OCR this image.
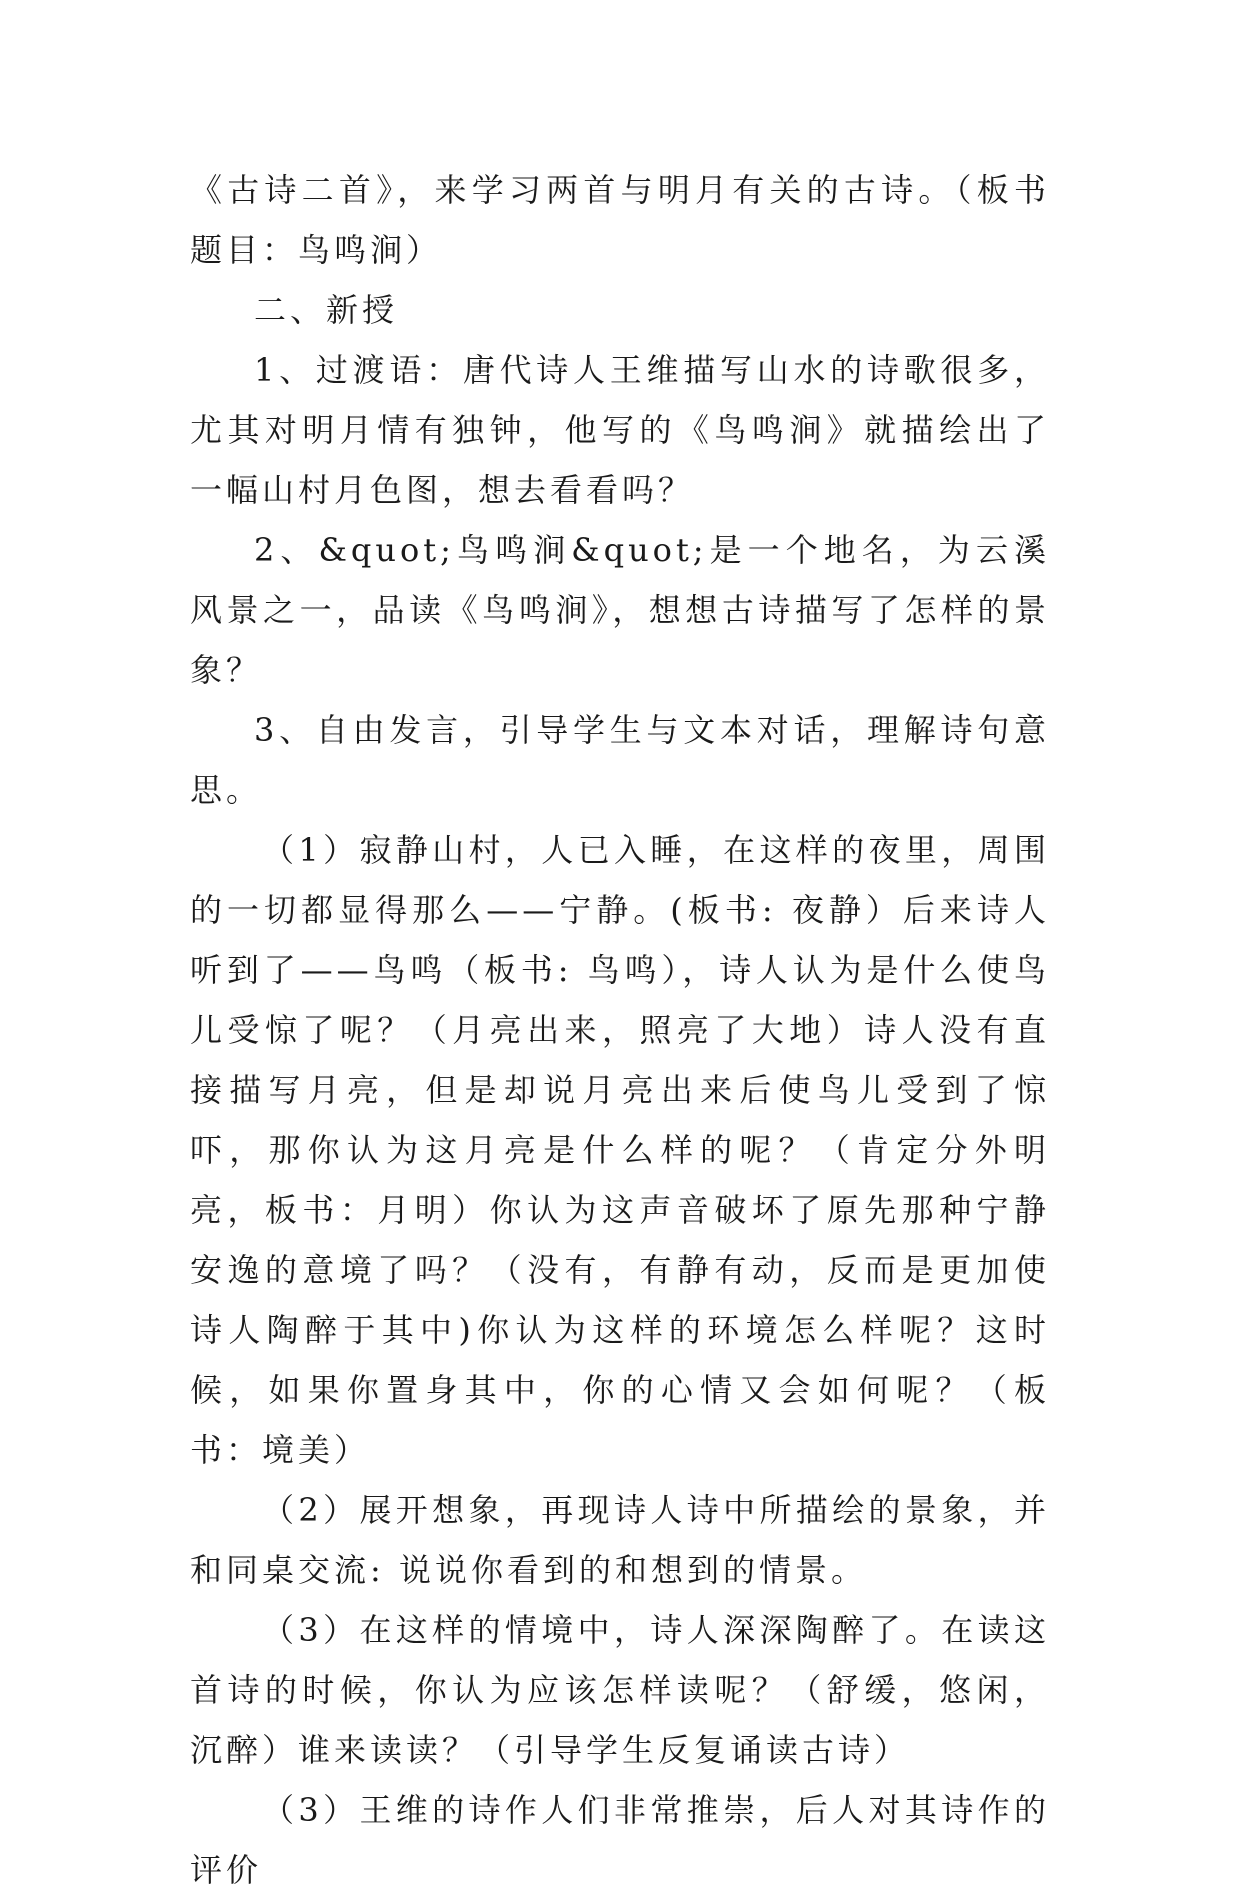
《古诗二首》，来学习两首与明月有关的古诗。（板书题目：鸟鸣涧）

二、新授

1、过渡语：唐代诗人王维描写山水的诗歌很多，尤其对明月情有独钟，他写的《鸟鸣涧》就描绘出了一幅山村月色图，想去看看吗？

2、&quot;鸟鸣涧&quot;是一个地名，为云溪风景之一，品读《鸟鸣涧》，想想古诗描写了怎样的景象？

3、自由发言，引导学生与文本对话，理解诗句意思。

（1）寂静山村，人已入睡，在这样的夜里，周围的一切都显得那么——宁静。(板书: 夜静）后来诗人听到了——鸟鸣（板书: 鸟鸣），诗人认为是什么使鸟儿受惊了呢？（月亮出来，照亮了大地）诗人没有直接描写月亮，但是却说月亮出来后使鸟儿受到了惊吓，那你认为这月亮是什么样的呢？（肯定分外明亮，板书：月明）你认为这声音破坏了原先那种宁静安逸的意境了吗？（没有，有静有动，反而是更加使诗人陶醉于其中)你认为这样的环境怎么样呢？这时候，如果你置身其中，你的心情又会如何呢？（板书：境美）

（2）展开想象，再现诗人诗中所描绘的景象，并和同桌交流: 说说你看到的和想到的情景。

（3）在这样的情境中，诗人深深陶醉了。在读这首诗的时候，你认为应该怎样读呢？（舒缓，悠闲，沉醉）谁来读读？（引导学生反复诵读古诗）

（3）王维的诗作人们非常推崇，后人对其诗作的评价
